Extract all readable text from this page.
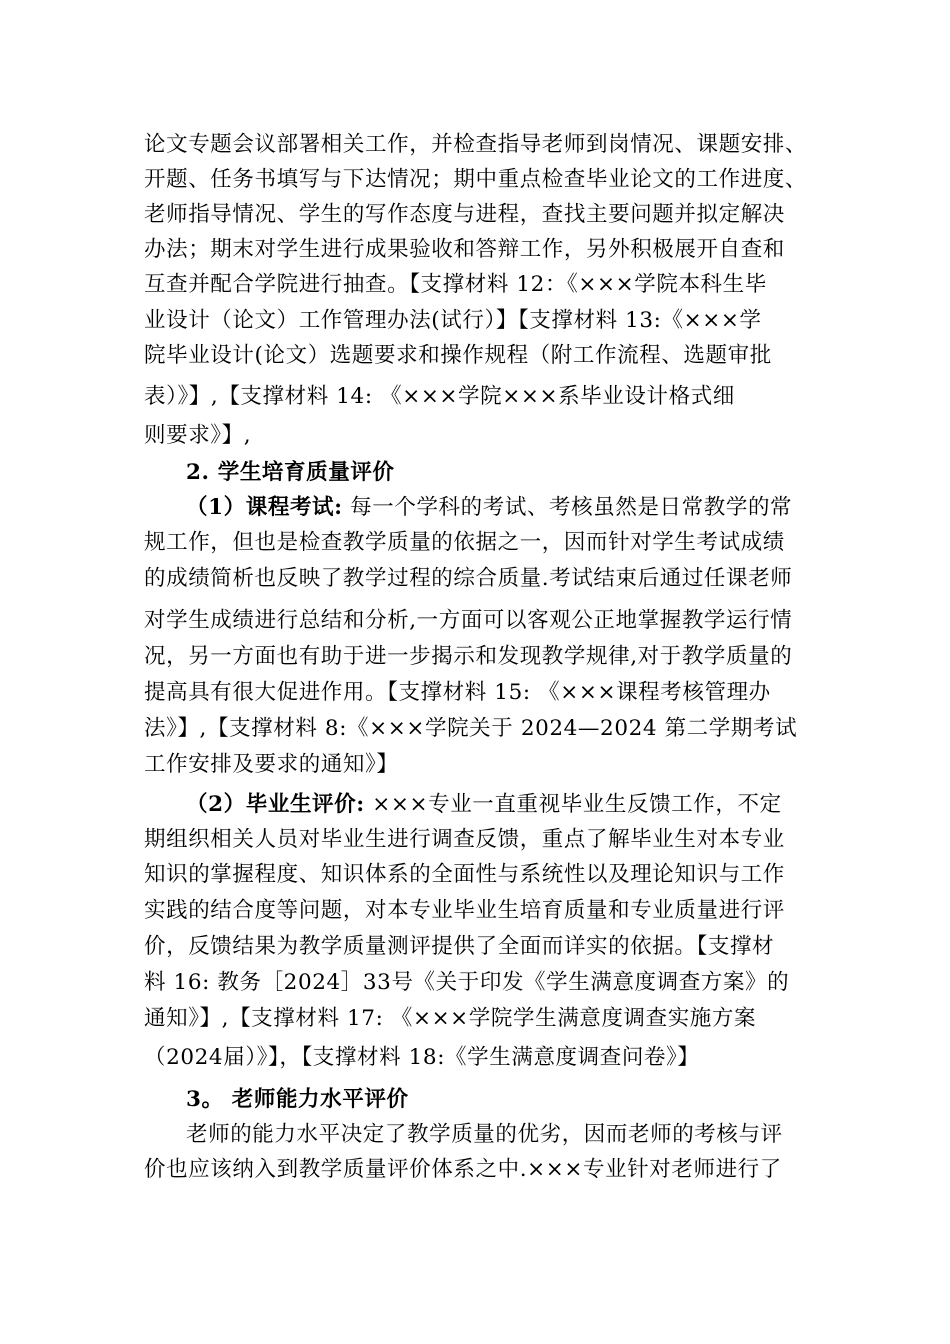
论文专题会议部署相关工作，并检查指导老师到岗情况、课题安排、
开题、任务书填写与下达情况；期中重点检查毕业论文的工作进度、
老师指导情况、学生的写作态度与进程，查找主要问题并拟定解决
办法；期末对学生进行成果验收和答辩工作，另外积极展开自查和
互查并配合学院进行抽查。【支撑材料 12：《×××学院本科生毕
业设计（论文）工作管理办法(试行）】【支撑材料 13:《×××学
院毕业设计(论文）选题要求和操作规程（附工作流程、选题审批
表）》】,【支撑材料 14: 《×××学院×××系毕业设计格式细
则要求》】,
2. 学生培育质量评价
（1）课程考试: 每一个学科的考试、考核虽然是日常教学的常
规工作，但也是检查教学质量的依据之一，因而针对学生考试成绩
的成绩简析也反映了教学过程的综合质量.考试结束后通过任课老师
对学生成绩进行总结和分析,一方面可以客观公正地掌握教学运行情
况，另一方面也有助于进一步揭示和发现教学规律,对于教学质量的
提高具有很大促进作用。【支撑材料 15: 《×××课程考核管理办
法》】,【支撑材料 8:《×××学院关于 2024—2024 第二学期考试
工作安排及要求的通知》】
（2）毕业生评价: ×××专业一直重视毕业生反馈工作，不定
期组织相关人员对毕业生进行调查反馈，重点了解毕业生对本专业
知识的掌握程度、知识体系的全面性与系统性以及理论知识与工作
实践的结合度等问题，对本专业毕业生培育质量和专业质量进行评
价，反馈结果为教学质量测评提供了全面而详实的依据。【支撑材
料 16: 教务［2024］33号《关于印发《学生满意度调查方案》的
通知》】,【支撑材料 17: 《×××学院学生满意度调查实施方案
（2024届）》】，【支撑材料 18:《学生满意度调查问卷》】
3。 老师能力水平评价
老师的能力水平决定了教学质量的优劣，因而老师的考核与评
价也应该纳入到教学质量评价体系之中.×××专业针对老师进行了
